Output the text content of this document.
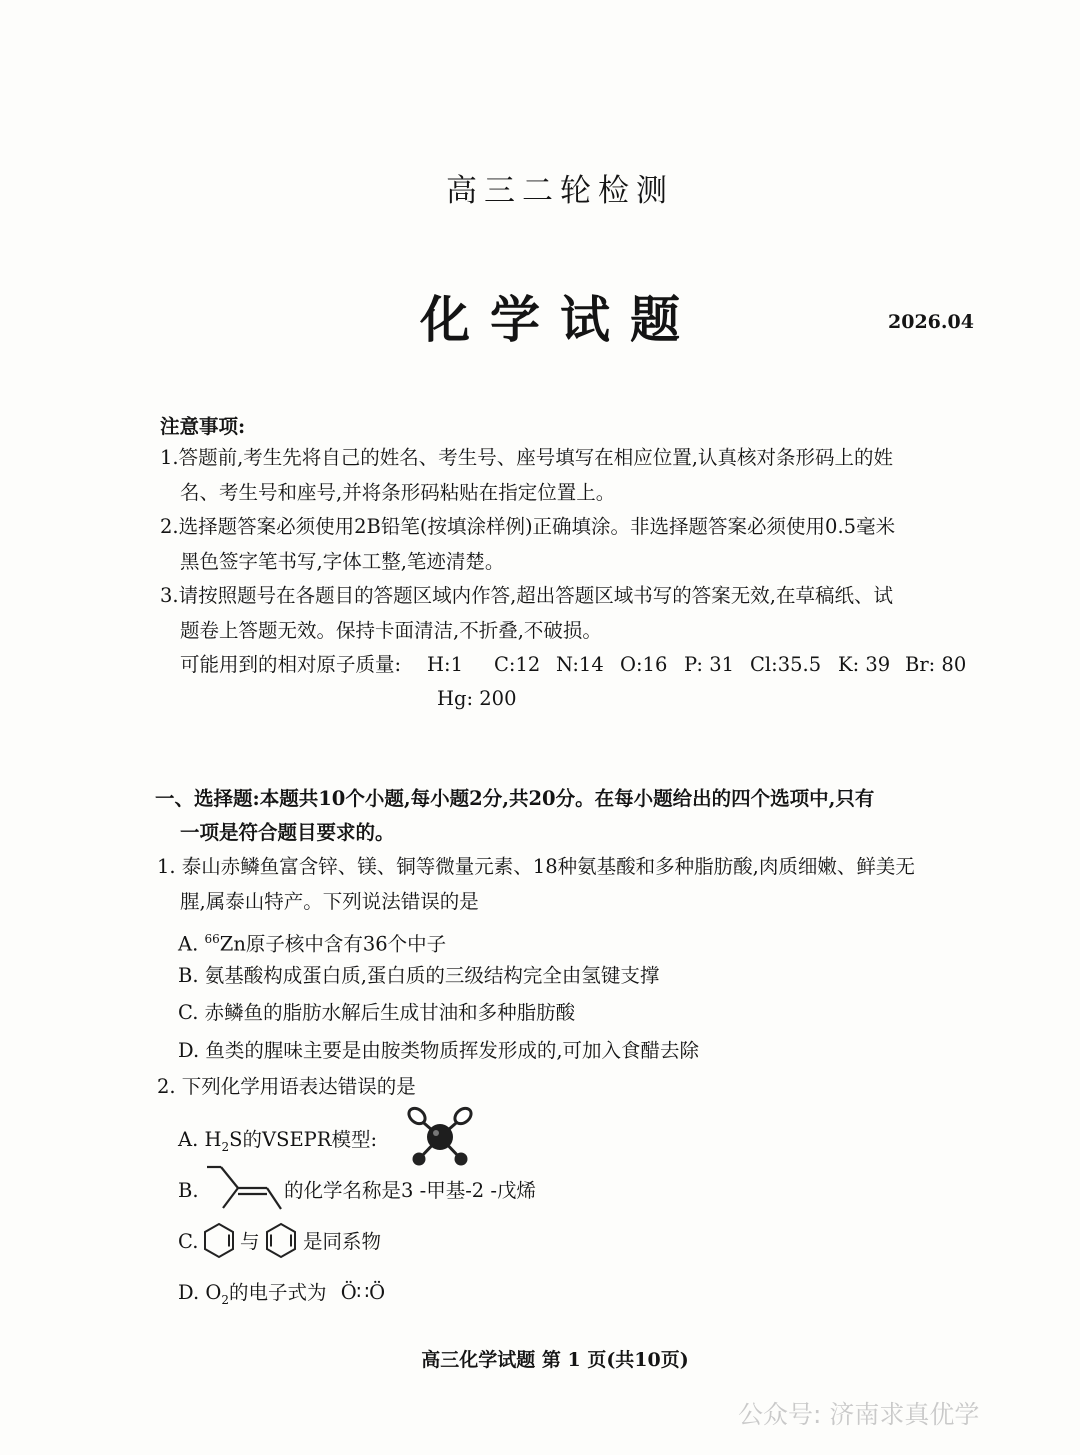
高三二轮检测
化学试题	2026.04
注意事项:
1.答题前,考生先将自己的姓名、考生号、座号填写在相应位置,认真核对条形码上的姓
名、考生号和座号,并将条形码粘贴在指定位置上。
2.选择题答案必须使用2B铅笔(按填涂样例)正确填涂。非选择题答案必须使用0.5毫米
黑色签字笔书写,字体工整,笔迹清楚。
3.请按照题号在各题目的答题区域内作答,超出答题区域书写的答案无效,在草稿纸、试
题卷上答题无效。保持卡面清洁,不折叠,不破损。
可能用到的相对原子质量: H:1 C:12 N:14 O:16 P: 31 Cl:35.5 K: 39 Br: 80
Hg: 200
一、选择题:本题共10个小题,每小题2分,共20分。在每小题给出的四个选项中,只有
一项是符合题目要求的。
1. 泰山赤鳞鱼富含锌、镁、铜等微量元素、18种氨基酸和多种脂肪酸,肉质细嫩、鲜美无
腥,属泰山特产。下列说法错误的是
A. $^{66}$Zn原子核中含有36个中子
B. 氨基酸构成蛋白质,蛋白质的三级结构完全由氢键支撑
C. 赤鳞鱼的脂肪水解后生成甘油和多种脂肪酸
D. 鱼类的腥味主要是由胺类物质挥发形成的,可加入食醋去除
2. 下列化学用语表达错误的是
A. $H_2S$的VSEPR模型:
B.	的化学名称是3 -甲基-2 -戊烯
C. 与 是同系物
D. $O_2$的电子式为 Ö∷Ö
高三化学试题 第 1 页(共10页)
公众号: 济南求真优学
